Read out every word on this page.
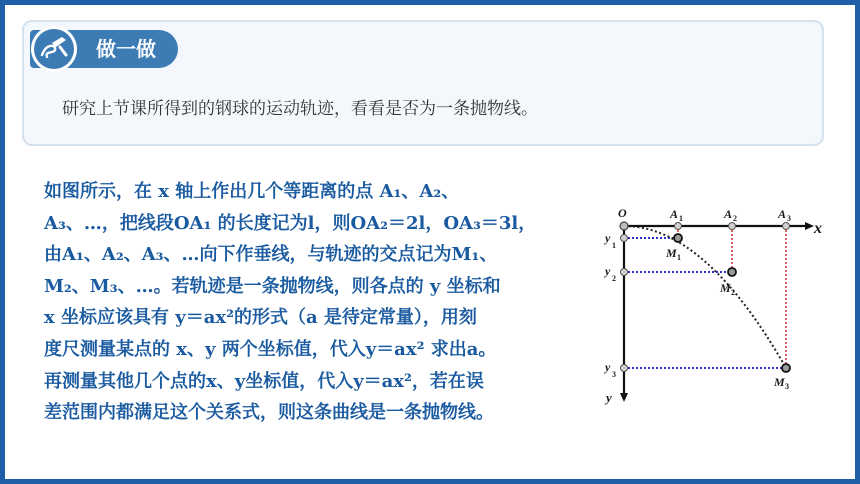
做一做
研究上节课所得到的钢球的运动轨迹，看看是否为一条抛物线。
如图所示，在 x 轴上作出几个等距离的点 A₁、A₂、
A₃、…，把线段OA₁ 的长度记为l，则OA₂＝2l，OA₃＝3l，
由A₁、A₂、A₃、…向下作垂线，与轨迹的交点记为M₁、
M₂、M₃、…。若轨迹是一条抛物线，则各点的 y 坐标和
x 坐标应该具有 y＝ax²的形式（a 是待定常量），用刻
度尺测量某点的 x、y 两个坐标值，代入y＝ax² 求出a。
再测量其他几个点的x、y坐标值，代入y＝ax²，若在误
差范围内都满足这个关系式，则这条曲线是一条抛物线。
O
x
y
A 1	A 2	A 3
y
1
y
2
y
3
M 1
M 2
M 3
